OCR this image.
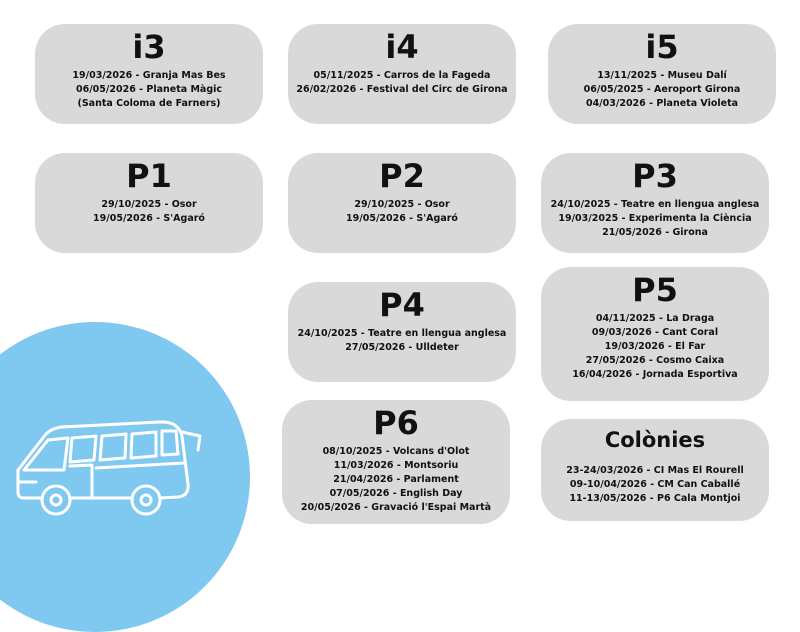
i3
19/03/2026 - Granja Mas Bes
06/05/2026 - Planeta Màgic
(Santa Coloma de Farners)
i4
05/11/2025 - Carros de la Fageda
26/02/2026 - Festival del Circ de Girona
i5
13/11/2025 - Museu Dalí
06/05/2025 - Aeroport Girona
04/03/2026 - Planeta Violeta
P1
29/10/2025 - Osor
19/05/2026 - S'Agaró
P2
29/10/2025 - Osor
19/05/2026 - S'Agaró
P3
24/10/2025 - Teatre en llengua anglesa
19/03/2025 - Experimenta la Ciència
21/05/2026 - Girona
P4
24/10/2025 - Teatre en llengua anglesa
27/05/2026 - Ulldeter
P5
04/11/2025 - La Draga
09/03/2026 - Cant Coral
19/03/2026 - El Far
27/05/2026 - Cosmo Caixa
16/04/2026 - Jornada Esportiva
P6
08/10/2025 - Volcans d'Olot
11/03/2026 - Montsoriu
21/04/2026 - Parlament
07/05/2026 - English Day
20/05/2026 - Gravació l'Espai Martà
Colònies
23-24/03/2026 - CI Mas El Rourell
09-10/04/2026 - CM Can Caballé
11-13/05/2026 - P6 Cala Montjoi
